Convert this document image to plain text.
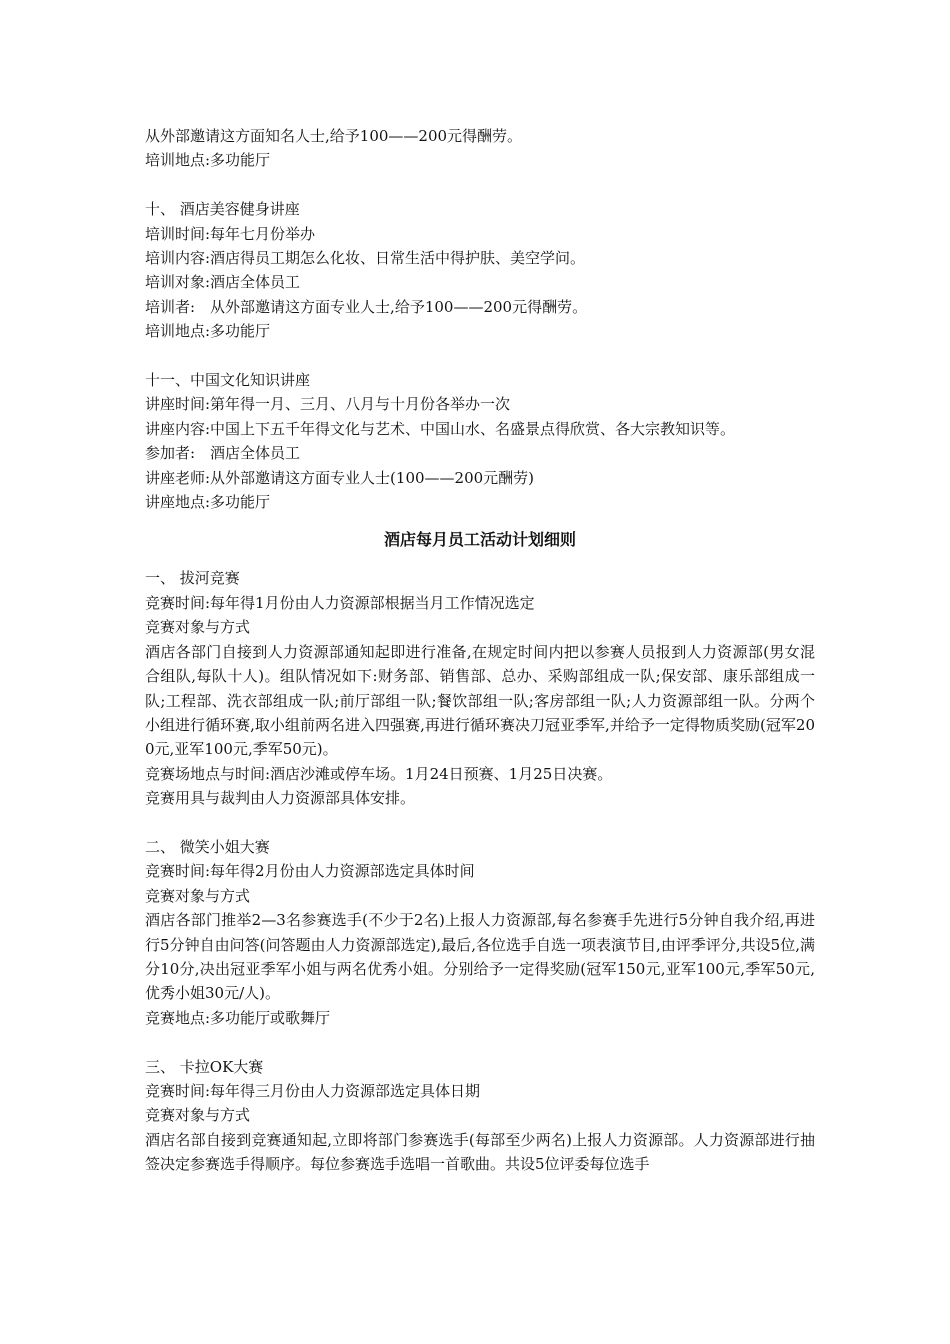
从外部邀请这方面知名人士,给予100——200元得酬劳。
培训地点:多功能厅
十、 酒店美容健身讲座
培训时间:每年七月份举办
培训内容:酒店得员工期怎么化妆、日常生活中得护肤、美空学问。
培训对象:酒店全体员工
培训者:　从外部邀请这方面专业人士,给予100——200元得酬劳。
培训地点:多功能厅
十一、中国文化知识讲座
讲座时间:第年得一月、三月、八月与十月份各举办一次
讲座内容:中国上下五千年得文化与艺术、中国山水、名盛景点得欣赏、各大宗教知识等。
参加者:　酒店全体员工
讲座老师:从外部邀请这方面专业人士(100——200元酬劳)
讲座地点:多功能厅
酒店每月员工活动计划细则
一、 拔河竞赛
竞赛时间:每年得1月份由人力资源部根据当月工作情况选定
竞赛对象与方式
酒店各部门自接到人力资源部通知起即进行准备,在规定时间内把以参赛人员报到人力资源部(男女混合组队,每队十人)。组队情况如下:财务部、销售部、总办、采购部组成一队;保安部、康乐部组成一队;工程部、洗衣部组成一队;前厅部组一队;餐饮部组一队;客房部组一队;人力资源部组一队。分两个小组进行循环赛,取小组前两名进入四强赛,再进行循环赛决刀冠亚季军,并给予一定得物质奖励(冠军200元,亚军100元,季军50元)。
竞赛场地点与时间:酒店沙滩或停车场。1月24日预赛、1月25日决赛。
竞赛用具与裁判由人力资源部具体安排。
二、 微笑小姐大赛
竞赛时间:每年得2月份由人力资源部选定具体时间
竞赛对象与方式
酒店各部门推举2—3名参赛选手(不少于2名)上报人力资源部,每名参赛手先进行5分钟自我介绍,再进行5分钟自由问答(问答题由人力资源部选定),最后,各位选手自选一项表演节目,由评季评分,共设5位,满分10分,决出冠亚季军小姐与两名优秀小姐。分别给予一定得奖励(冠军150元,亚军100元,季军50元,优秀小姐30元/人)。
竞赛地点:多功能厅或歌舞厅
三、 卡拉OK大赛
竞赛时间:每年得三月份由人力资源部选定具体日期
竞赛对象与方式
酒店名部自接到竞赛通知起,立即将部门参赛选手(每部至少两名)上报人力资源部。人力资源部进行抽签决定参赛选手得顺序。每位参赛选手选唱一首歌曲。共设5位评委每位选手
